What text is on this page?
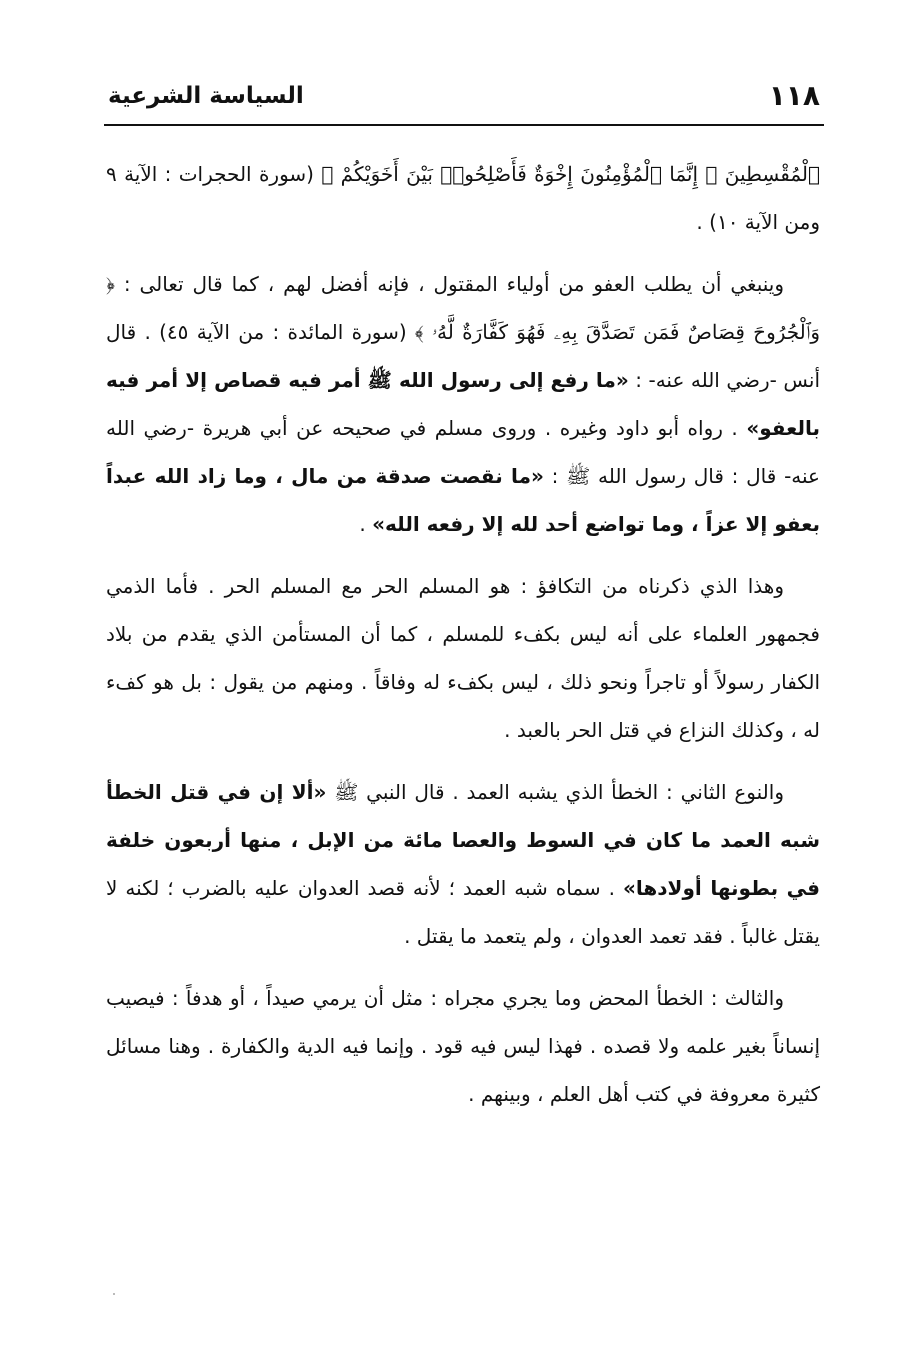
١١٨
السياسة الشرعية

ٱلْمُقْسِطِينَ ۞ إِنَّمَا ٱلْمُؤْمِنُونَ إِخْوَةٌ فَأَصْلِحُوا۟ بَيْنَ أَخَوَيْكُمْ ﴾ (سورة الحجرات : الآية ٩ ومن الآية ١٠) .

وينبغي أن يطلب العفو من أولياء المقتول ، فإنه أفضل لهم ، كما قال تعالى : ﴿ وَٱلْجُرُوحَ قِصَاصٌ فَمَن تَصَدَّقَ بِهِۦ فَهُوَ كَفَّارَةٌ لَّهُۥ ﴾ (سورة المائدة : من الآية ٤٥) . قال أنس -رضي الله عنه- : «ما رفع إلى رسول الله ﷺ أمر فيه قصاص إلا أمر فيه بالعفو» . رواه أبو داود وغيره . وروى مسلم في صحيحه عن أبي هريرة -رضي الله عنه- قال : قال رسول الله ﷺ : «ما نقصت صدقة من مال ، وما زاد الله عبداً بعفو إلا عزاً ، وما تواضع أحد لله إلا رفعه الله» .

وهذا الذي ذكرناه من التكافؤ : هو المسلم الحر مع المسلم الحر . فأما الذمي فجمهور العلماء على أنه ليس بكفء للمسلم ، كما أن المستأمن الذي يقدم من بلاد الكفار رسولاً أو تاجراً ونحو ذلك ، ليس بكفء له وفاقاً . ومنهم من يقول : بل هو كفء له ، وكذلك النزاع في قتل الحر بالعبد .

والنوع الثاني : الخطأ الذي يشبه العمد . قال النبي ﷺ «ألا إن في قتل الخطأ شبه العمد ما كان في السوط والعصا مائة من الإبل ، منها أربعون خلفة في بطونها أولادها» . سماه شبه العمد ؛ لأنه قصد العدوان عليه بالضرب ؛ لكنه لا يقتل غالباً . فقد تعمد العدوان ، ولم يتعمد ما يقتل .

والثالث : الخطأ المحض وما يجري مجراه : مثل أن يرمي صيداً ، أو هدفاً : فيصيب إنساناً بغير علمه ولا قصده . فهذا ليس فيه قود . وإنما فيه الدية والكفارة . وهنا مسائل كثيرة معروفة في كتب أهل العلم ، وبينهم .
